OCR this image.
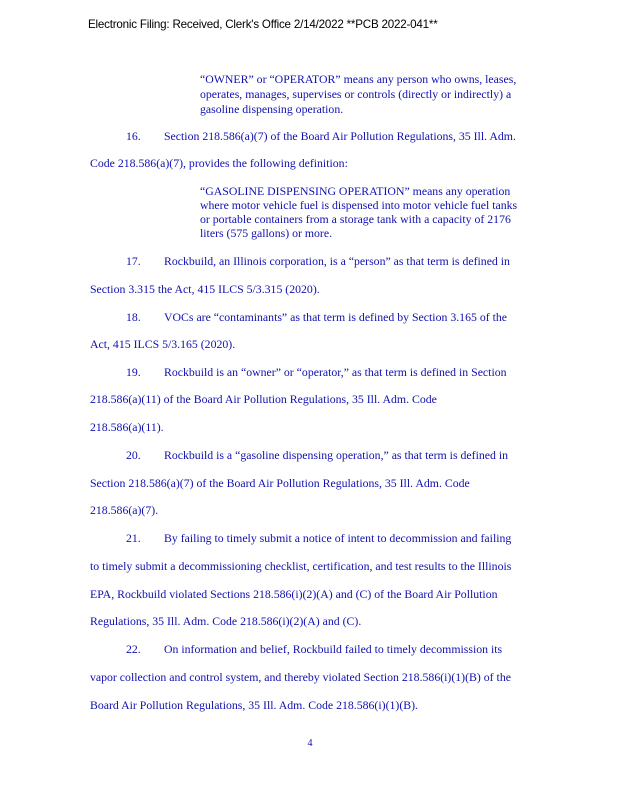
Electronic Filing: Received, Clerk's Office 2/14/2022 **PCB 2022-041**
“OWNER” or “OPERATOR” means any person who owns, leases,
operates, manages, supervises or controls (directly or indirectly) a
gasoline dispensing operation.
16. Section 218.586(a)(7) of the Board Air Pollution Regulations, 35 Ill. Adm.
Code 218.586(a)(7), provides the following definition:
“GASOLINE DISPENSING OPERATION” means any operation
where motor vehicle fuel is dispensed into motor vehicle fuel tanks
or portable containers from a storage tank with a capacity of 2176
liters (575 gallons) or more.
17. Rockbuild, an Illinois corporation, is a “person” as that term is defined in
Section 3.315 the Act, 415 ILCS 5/3.315 (2020).
18. VOCs are “contaminants” as that term is defined by Section 3.165 of the
Act, 415 ILCS 5/3.165 (2020).
19. Rockbuild is an “owner” or “operator,” as that term is defined in Section
218.586(a)(11) of the Board Air Pollution Regulations, 35 Ill. Adm. Code
218.586(a)(11).
20. Rockbuild is a “gasoline dispensing operation,” as that term is defined in
Section 218.586(a)(7) of the Board Air Pollution Regulations, 35 Ill. Adm. Code
218.586(a)(7).
21. By failing to timely submit a notice of intent to decommission and failing
to timely submit a decommissioning checklist, certification, and test results to the Illinois
EPA, Rockbuild violated Sections 218.586(i)(2)(A) and (C) of the Board Air Pollution
Regulations, 35 Ill. Adm. Code 218.586(i)(2)(A) and (C).
22. On information and belief, Rockbuild failed to timely decommission its
vapor collection and control system, and thereby violated Section 218.586(i)(1)(B) of the
Board Air Pollution Regulations, 35 Ill. Adm. Code 218.586(i)(1)(B).
4
